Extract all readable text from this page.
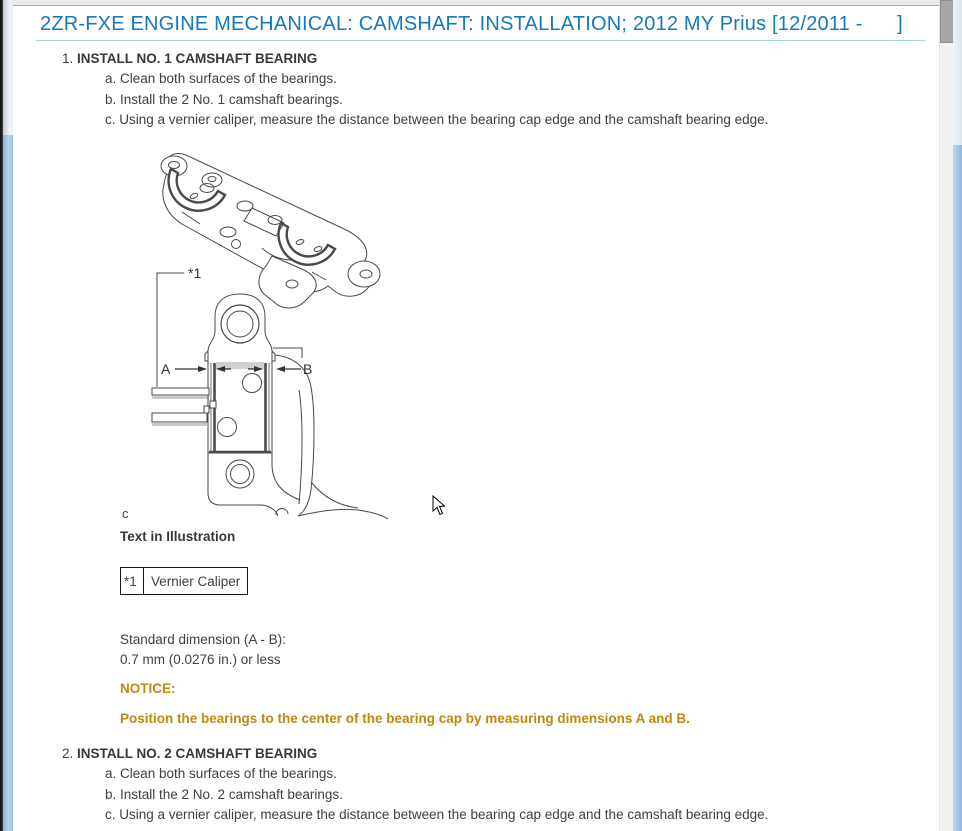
2ZR-FXE ENGINE MECHANICAL: CAMSHAFT: INSTALLATION; 2012 MY Prius [12/2011 -      ]
1. INSTALL NO. 1 CAMSHAFT BEARING
a. Clean both surfaces of the bearings.
b. Install the 2 No. 1 camshaft bearings.
c. Using a vernier caliper, measure the distance between the bearing cap edge and the camshaft bearing edge.
*1
A	B
c
Text in Illustration
*1	Vernier Caliper
Standard dimension (A - B):
0.7 mm (0.0276 in.) or less
NOTICE:
Position the bearings to the center of the bearing cap by measuring dimensions A and B.
2. INSTALL NO. 2 CAMSHAFT BEARING
a. Clean both surfaces of the bearings.
b. Install the 2 No. 2 camshaft bearings.
c. Using a vernier caliper, measure the distance between the bearing cap edge and the camshaft bearing edge.
